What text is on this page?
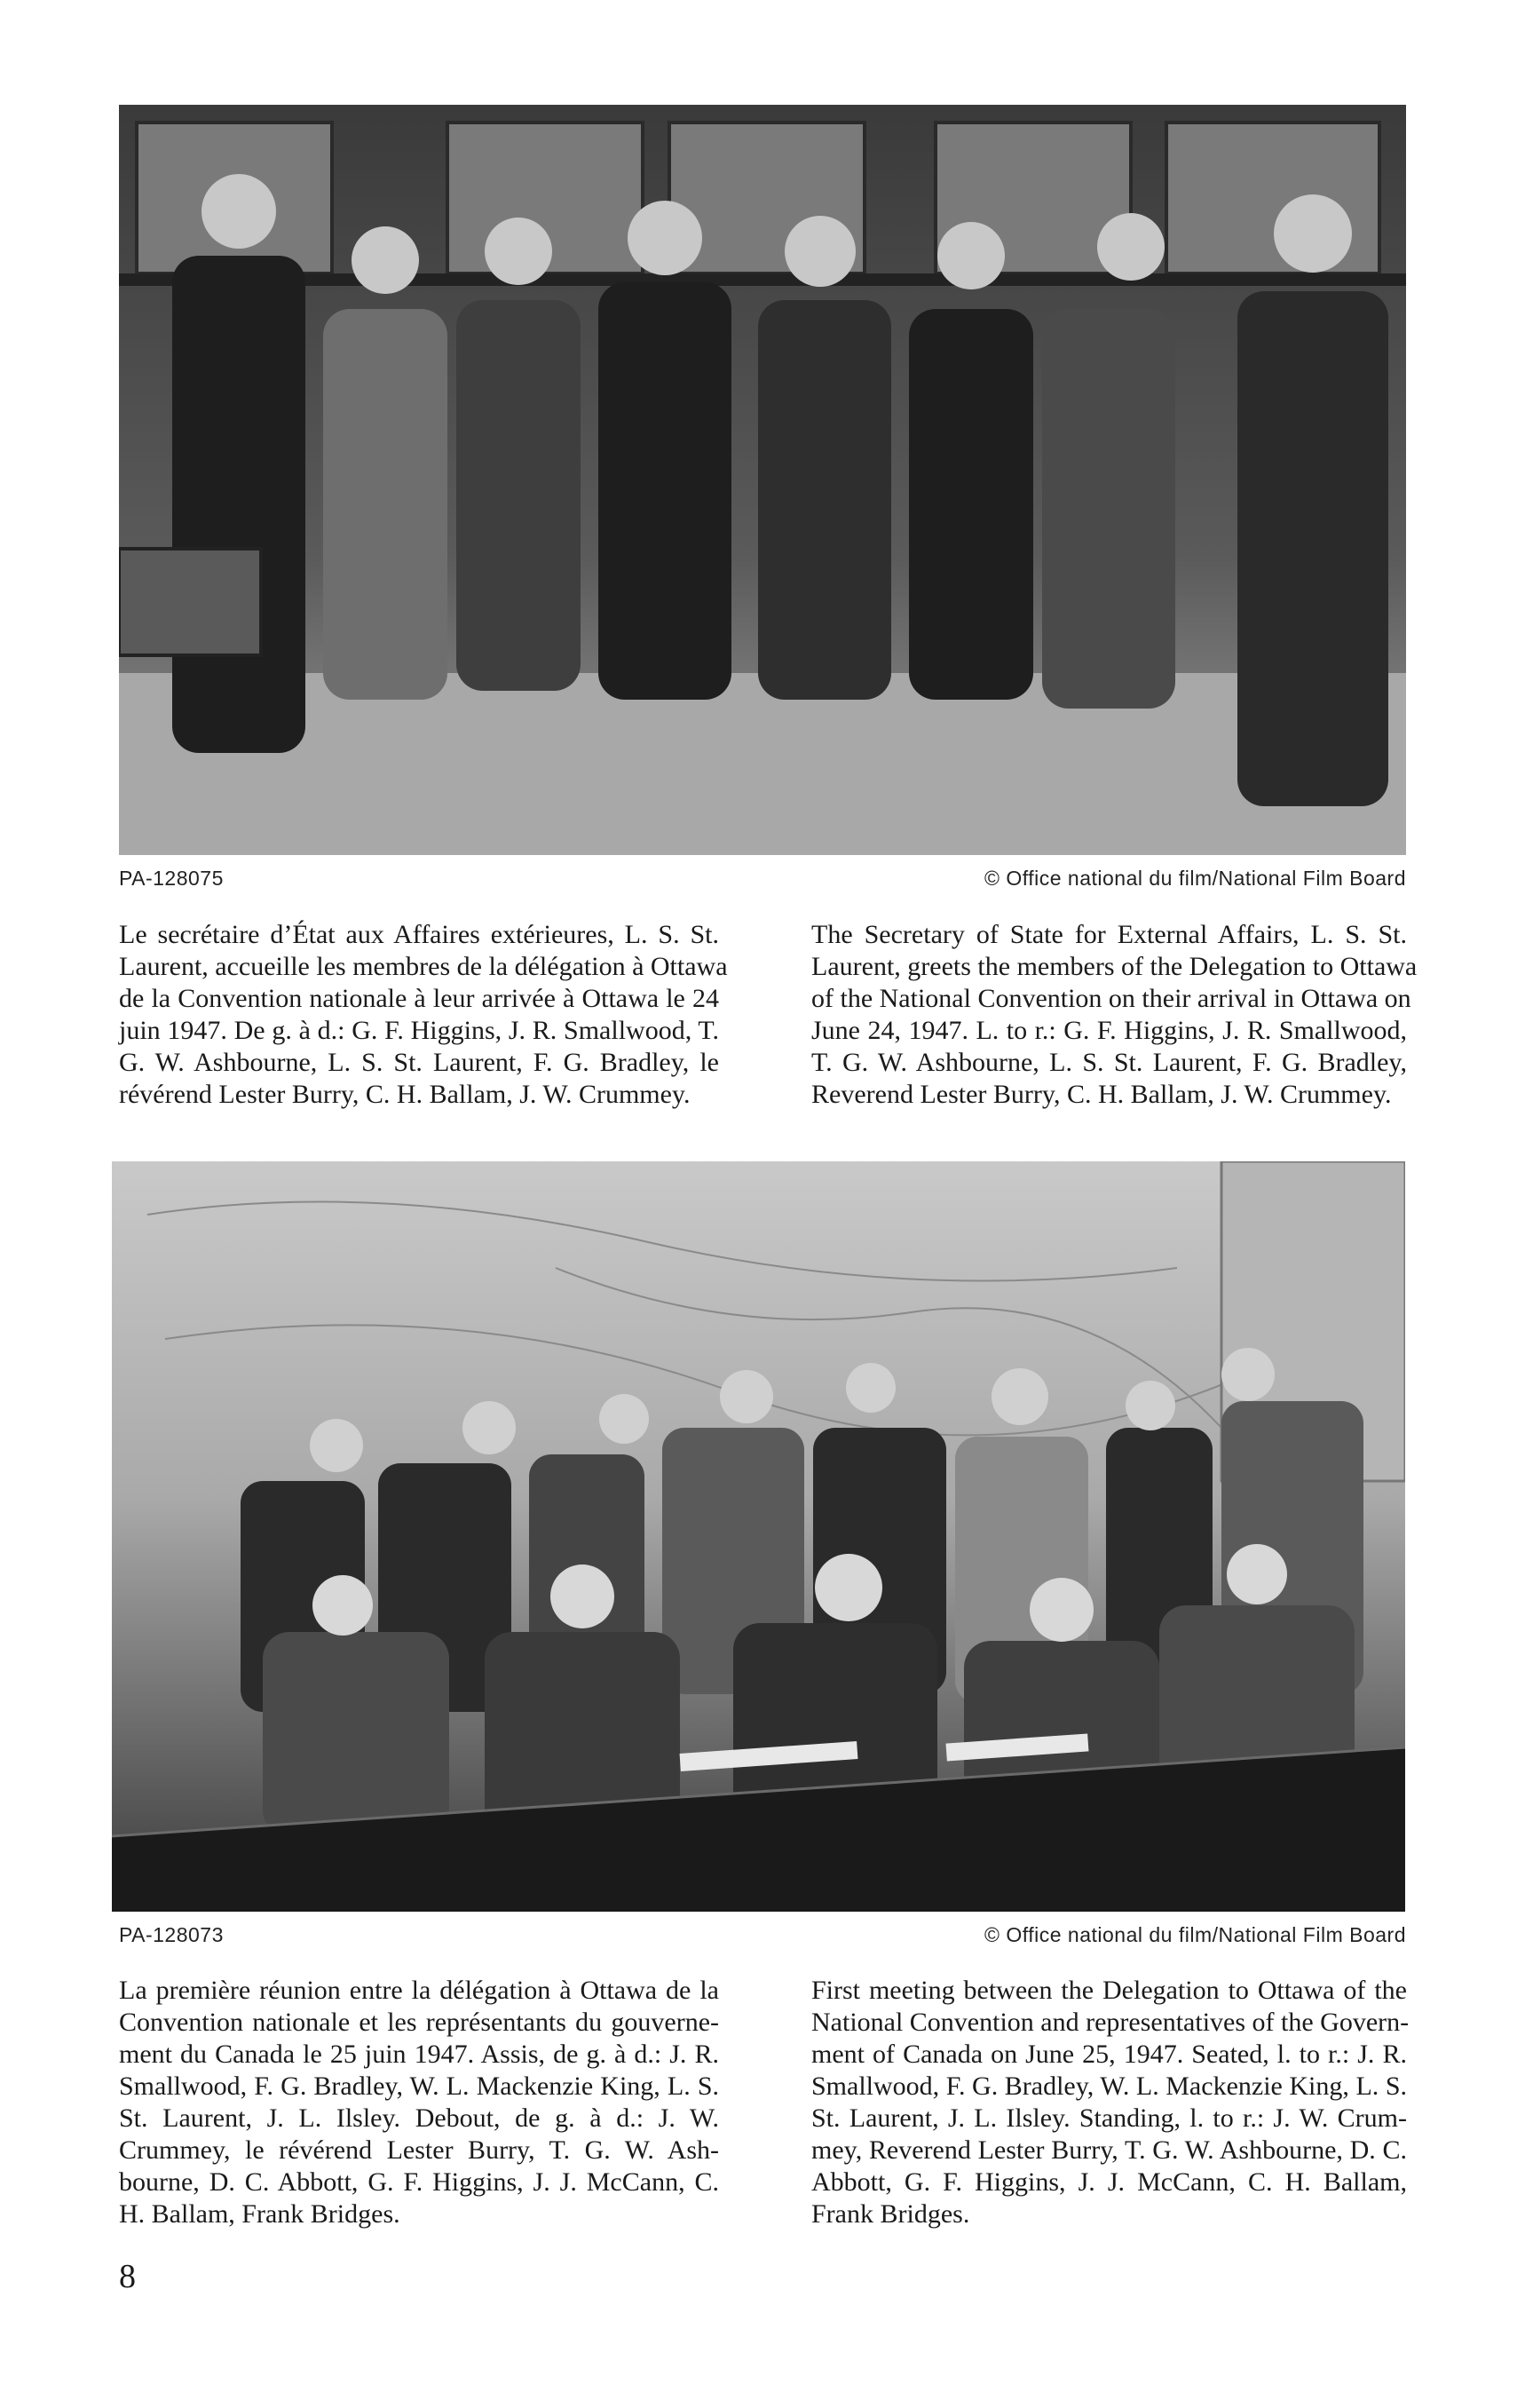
PA-128075	© Office national du film/National Film Board
Le secrétaire d’État aux Affaires extérieures, L. S. St.
Laurent, accueille les membres de la délégation à Ottawa
de la Convention nationale à leur arrivée à Ottawa le 24
juin 1947. De g. à d.: G. F. Higgins, J. R. Smallwood, T.
G. W. Ashbourne, L. S. St. Laurent, F. G. Bradley, le
révérend Lester Burry, C. H. Ballam, J. W. Crummey.
The Secretary of State for External Affairs, L. S. St.
Laurent, greets the members of the Delegation to Ottawa
of the National Convention on their arrival in Ottawa on
June 24, 1947. L. to r.: G. F. Higgins, J. R. Smallwood,
T. G. W. Ashbourne, L. S. St. Laurent, F. G. Bradley,
Reverend Lester Burry, C. H. Ballam, J. W. Crummey.
PA-128073	© Office national du film/National Film Board
La première réunion entre la délégation à Ottawa de la
Convention nationale et les représentants du gouverne-
ment du Canada le 25 juin 1947. Assis, de g. à d.: J. R.
Smallwood, F. G. Bradley, W. L. Mackenzie King, L. S.
St. Laurent, J. L. Ilsley. Debout, de g. à d.: J. W.
Crummey, le révérend Lester Burry, T. G. W. Ash-
bourne, D. C. Abbott, G. F. Higgins, J. J. McCann, C.
H. Ballam, Frank Bridges.
First meeting between the Delegation to Ottawa of the
National Convention and representatives of the Govern-
ment of Canada on June 25, 1947. Seated, l. to r.: J. R.
Smallwood, F. G. Bradley, W. L. Mackenzie King, L. S.
St. Laurent, J. L. Ilsley. Standing, l. to r.: J. W. Crum-
mey, Reverend Lester Burry, T. G. W. Ashbourne, D. C.
Abbott, G. F. Higgins, J. J. McCann, C. H. Ballam,
Frank Bridges.
8
